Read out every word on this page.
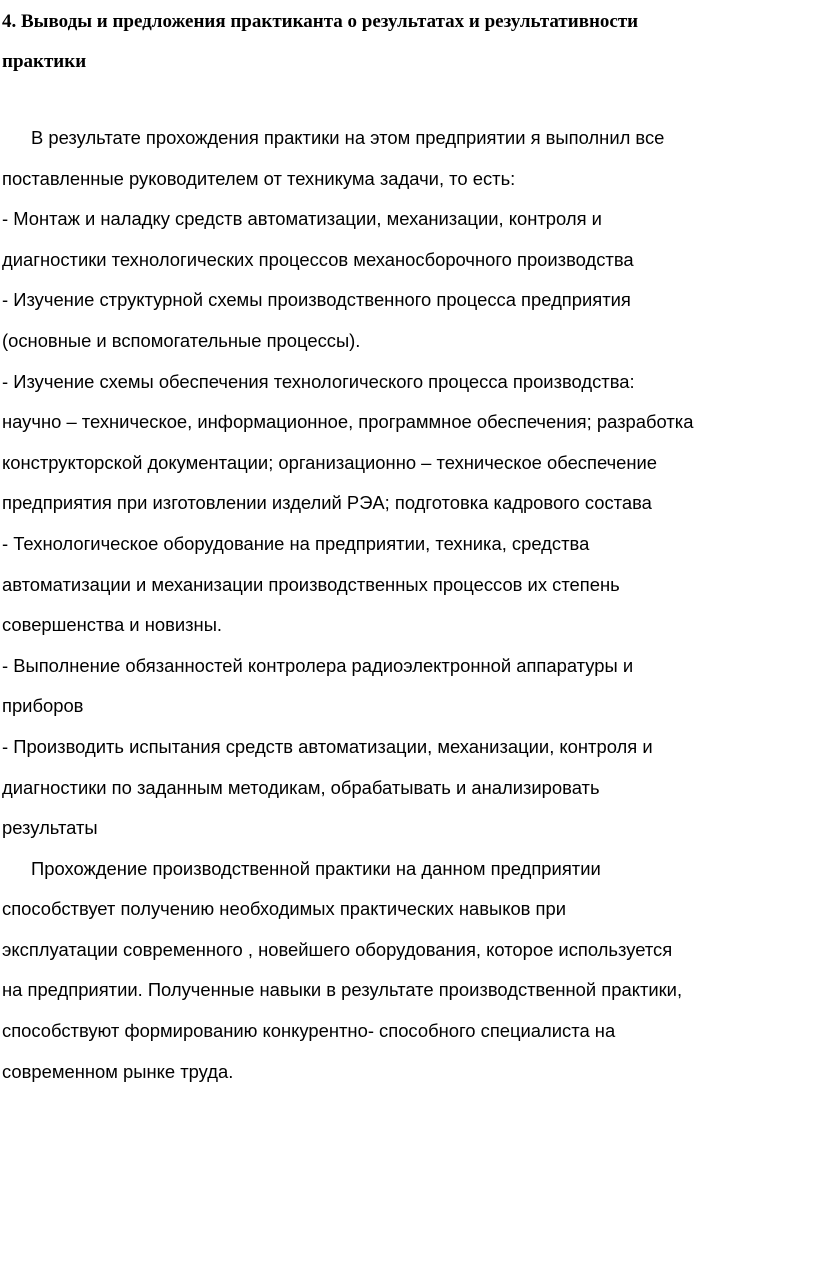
4. Выводы и предложения практиканта о результатах и результативности
практики
В результате прохождения практики на этом предприятии я выполнил все
поставленные руководителем от техникума задачи, то есть:
- Монтаж и наладку средств автоматизации, механизации, контроля и
диагностики технологических процессов механосборочного производства
- Изучение структурной схемы производственного процесса предприятия
(основные и вспомогательные процессы).
- Изучение схемы обеспечения технологического процесса производства:
научно – техническое, информационное, программное обеспечения; разработка
конструкторской документации; организационно – техническое обеспечение
предприятия при изготовлении изделий РЭА; подготовка кадрового состава
- Технологическое оборудование на предприятии, техника, средства
автоматизации и механизации производственных процессов их степень
совершенства и новизны.
- Выполнение обязанностей контролера радиоэлектронной аппаратуры и
приборов
- Производить испытания средств автоматизации, механизации, контроля и
диагностики по заданным методикам, обрабатывать и анализировать
результаты
Прохождение производственной практики на данном предприятии
способствует получению необходимых практических навыков при
эксплуатации современного , новейшего оборудования, которое используется
на предприятии. Полученные навыки в результате производственной практики,
способствуют формированию конкурентно- способного специалиста на
современном рынке труда.
